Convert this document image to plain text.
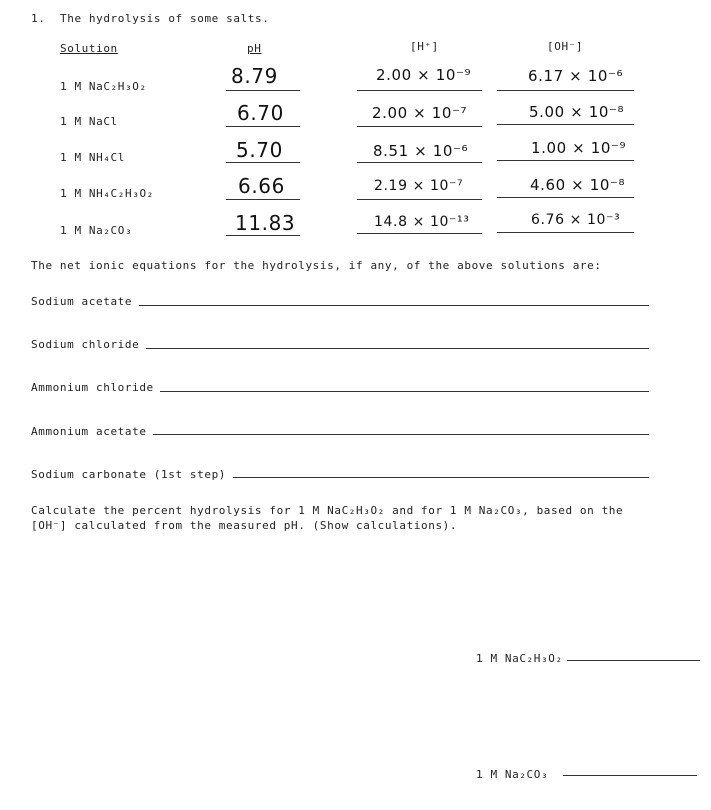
1. The hydrolysis of some salts.
Solution	pH	[H⁺]	[OH⁻]
1 M NaC₂H₃O₂	8.79	2.00 × 10⁻⁹	6.17 × 10⁻⁶
1 M NaCl	6.70	2.00 × 10⁻⁷	5.00 × 10⁻⁸
1 M NH₄Cl	5.70	8.51 × 10⁻⁶	1.00 × 10⁻⁹
1 M NH₄C₂H₃O₂	6.66	2.19 × 10⁻⁷	4.60 × 10⁻⁸
1 M Na₂CO₃	11.83	14.8 × 10⁻¹³	6.76 × 10⁻³
The net ionic equations for the hydrolysis, if any, of the above solutions are:
Sodium acetate
Sodium chloride
Ammonium chloride
Ammonium acetate
Sodium carbonate (1st step)
Calculate the percent hydrolysis for 1 M NaC₂H₃O₂ and for 1 M Na₂CO₃, based on the
[OH⁻] calculated from the measured pH. (Show calculations).
1 M NaC₂H₃O₂
1 M Na₂CO₃
